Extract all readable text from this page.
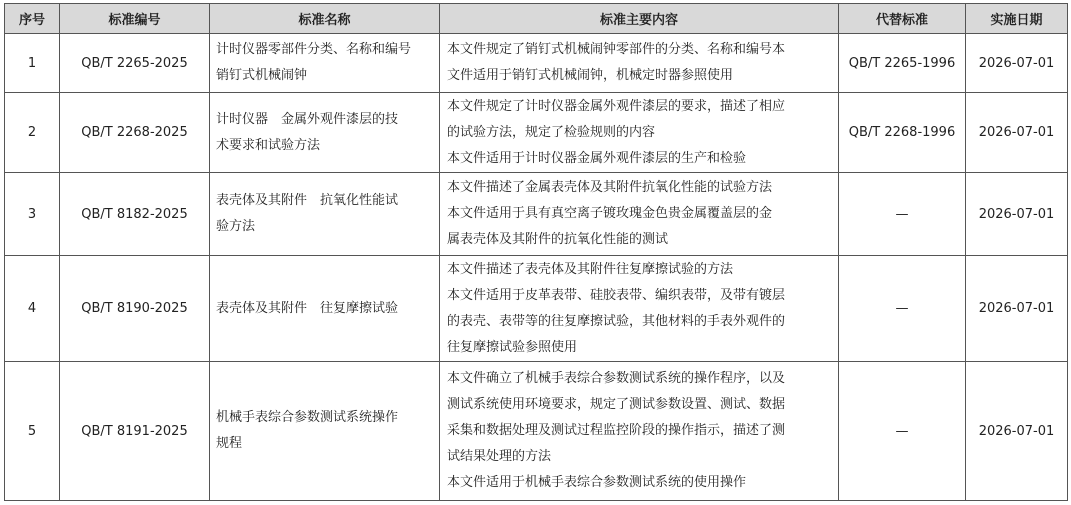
序号	标准编号	标准名称	标准主要内容	代替标准	实施日期
1	QB/T 2265-2025	计时仪器零部件分类、名称和编号
销钉式机械闹钟	本文件规定了销钉式机械闹钟零部件的分类、名称和编号本
文件适用于销钉式机械闹钟，机械定时器参照使用	QB/T 2265-1996	2026-07-01
2	QB/T 2268-2025	计时仪器　金属外观件漆层的技
术要求和试验方法	本文件规定了计时仪器金属外观件漆层的要求，描述了相应
的试验方法，规定了检验规则的内容
本文件适用于计时仪器金属外观件漆层的生产和检验	QB/T 2268-1996	2026-07-01
3	QB/T 8182-2025	表壳体及其附件　抗氧化性能试
验方法	本文件描述了金属表壳体及其附件抗氧化性能的试验方法
本文件适用于具有真空离子镀玫瑰金色贵金属覆盖层的金
属表壳体及其附件的抗氧化性能的测试	—	2026-07-01
4	QB/T 8190-2025	表壳体及其附件　往复摩擦试验	本文件描述了表壳体及其附件往复摩擦试验的方法
本文件适用于皮革表带、硅胶表带、编织表带，及带有镀层
的表壳、表带等的往复摩擦试验，其他材料的手表外观件的
往复摩擦试验参照使用	—	2026-07-01
5	QB/T 8191-2025	机械手表综合参数测试系统操作
规程	本文件确立了机械手表综合参数测试系统的操作程序，以及
测试系统使用环境要求，规定了测试参数设置、测试、数据
采集和数据处理及测试过程监控阶段的操作指示，描述了测
试结果处理的方法
本文件适用于机械手表综合参数测试系统的使用操作	—	2026-07-01
